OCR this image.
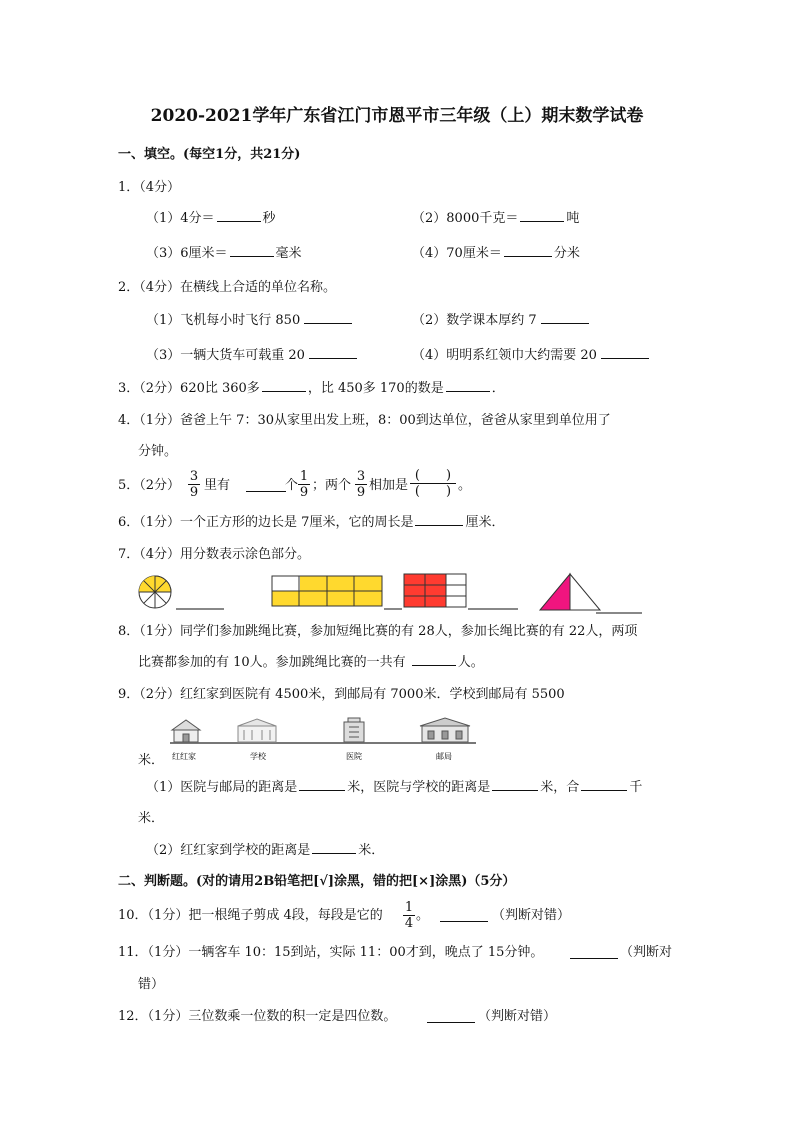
2020-2021学年广东省江门市恩平市三年级（上）期末数学试卷
一、填空。(每空1分，共21分)
1．（4分）
（1）4分＝	秒	（2）8000千克＝	吨
（3）6厘米＝	毫米	（4）70厘米＝	分米
2．（4分）在横线上合适的单位名称。
（1）飞机每小时飞行 850	（2）数学课本厚约 7
（3）一辆大货车可载重 20	（4）明明系红领巾大约需要 20
3．（2分）620比 360多	，比 450多 170的数是	．
4．（1分）爸爸上午 7：30从家里出发上班，8：00到达单位，爸爸从家里到单位用了
分钟。
5．（2分）
3
9 里有	个
1
9 ；两个
3
9 相加是
(　　)
(　　) 。
6．（1分）一个正方形的边长是 7厘米，它的周长是	厘米．
7．（4分）用分数表示涂色部分。
8．（1分）同学们参加跳绳比赛，参加短绳比赛的有 28人，参加长绳比赛的有 22人，两项
比赛都参加的有 10人。参加跳绳比赛的一共有	人。
9．（2分）红红家到医院有 4500米，到邮局有 7000米．学校到邮局有 5500
红红家	学校	医院	邮局
米．
（1）医院与邮局的距离是	米，医院与学校的距离是	米，合	千
米．
（2）红红家到学校的距离是	米．
二、判断题。(对的请用2B铅笔把[√]涂黑，错的把[×]涂黑)（5分）
10．（1分）把一根绳子剪成 4段，每段是它的
1
4
。	（判断对错）
11．（1分）一辆客车 10：15到站，实际 11：00才到，晚点了 15分钟。	（判断对
错）
12．（1分）三位数乘一位数的积一定是四位数。	（判断对错）
